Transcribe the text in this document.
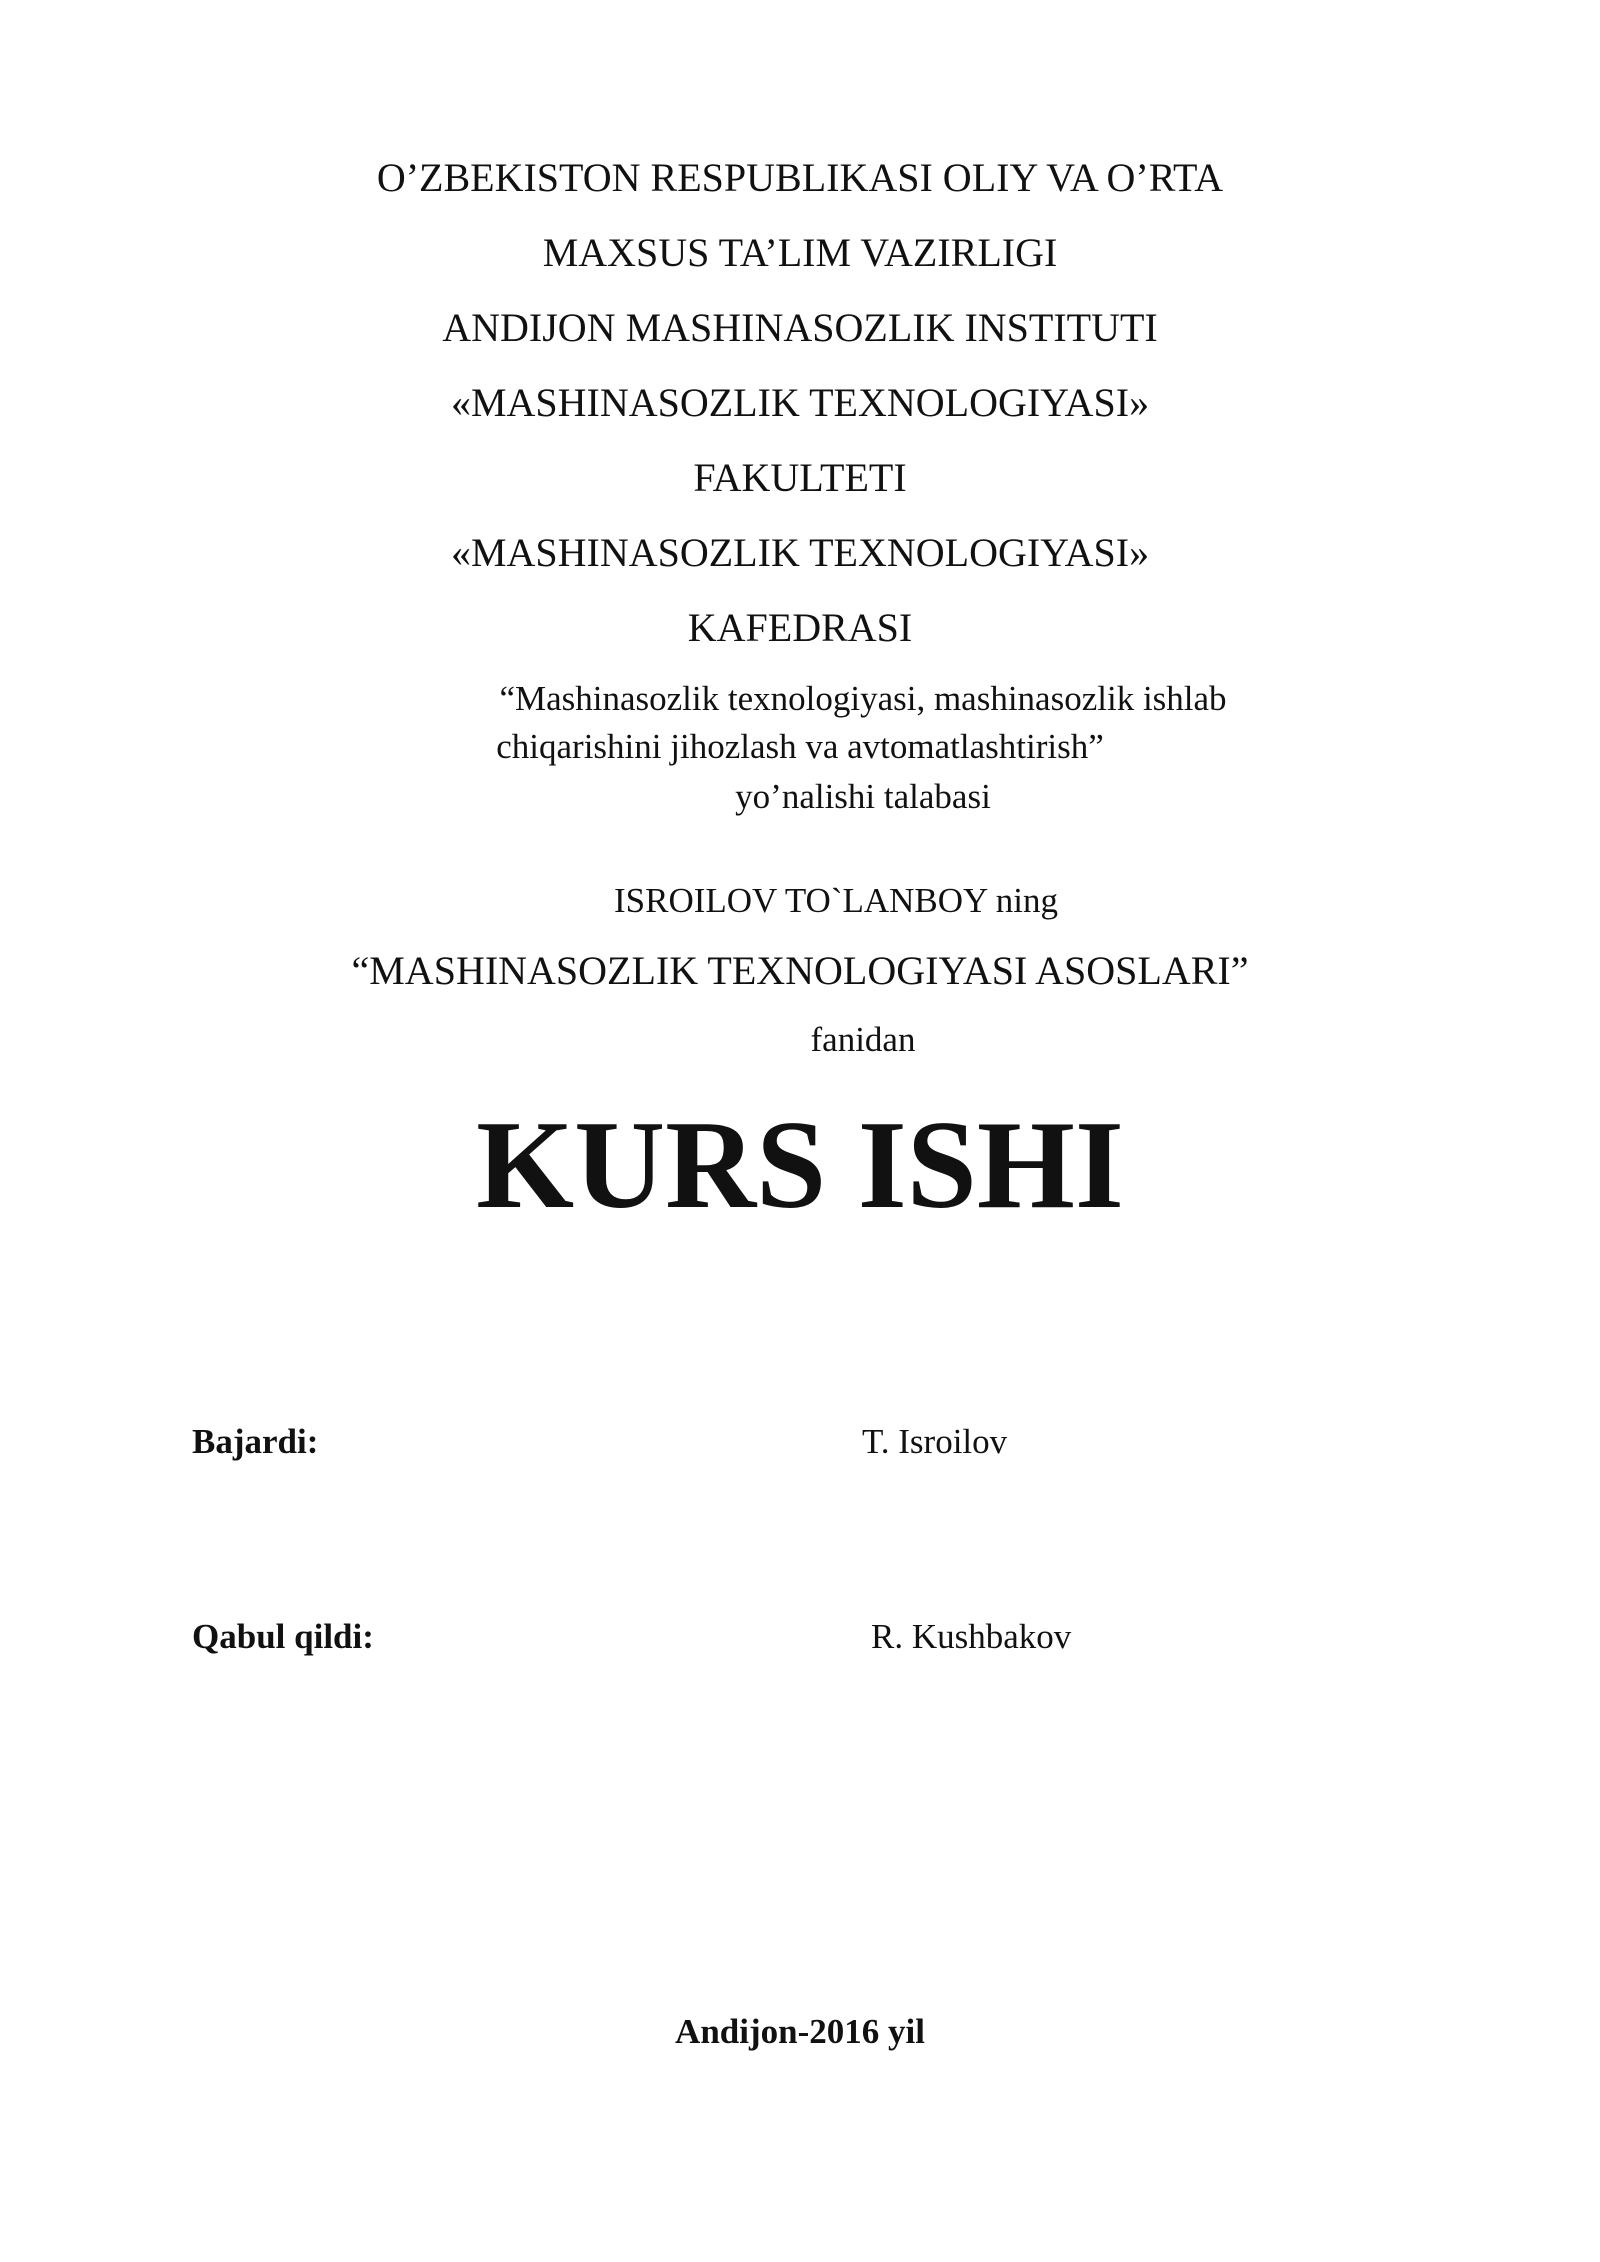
O’ZBEKISTON RESPUBLIKASI OLIY VA O’RTA
MAXSUS TA’LIM VAZIRLIGI
ANDIJON MASHINASOZLIK INSTITUTI
«MASHINASOZLIK TEXNOLOGIYASI»
FAKULTETI
«MASHINASOZLIK TEXNOLOGIYASI»
KAFEDRASI
“Mashinasozlik texnologiyasi, mashinasozlik ishlab
chiqarishini jihozlash va avtomatlashtirish”
yo’nalishi talabasi
ISROILOV TO`LANBOY ning
“MASHINASOZLIK TEXNOLOGIYASI ASOSLARI”
fanidan
KURS ISHI
Bajardi:	T. Isroilov
Qabul qildi:	R. Kushbakov
Andijon-2016 yil
